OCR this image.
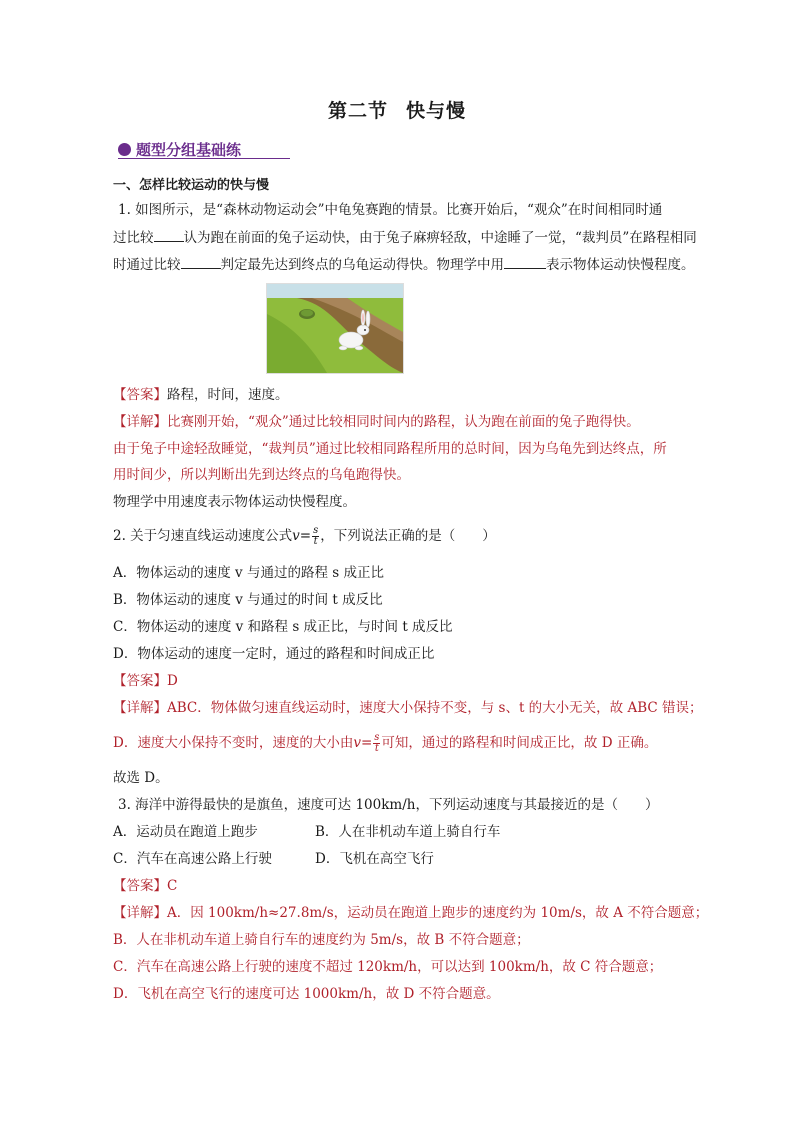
第二节 快与慢
题型分组基础练
一、怎样比较运动的快与慢
1. 如图所示，是“森林动物运动会”中龟兔赛跑的情景。比赛开始后，“观众”在时间相同时通
过比较 认为跑在前面的兔子运动快，由于兔子麻痹轻敌，中途睡了一觉，“裁判员”在路程相同
时通过比较	判定最先达到终点的乌龟运动得快。物理学中用	表示物体运动快慢程度。
【答案】路程，时间，速度。
【详解】比赛刚开始，“观众”通过比较相同时间内的路程，认为跑在前面的兔子跑得快。
由于兔子中途轻敌睡觉，“裁判员”通过比较相同路程所用的总时间，因为乌龟先到达终点，所
用时间少，所以判断出先到达终点的乌龟跑得快。
物理学中用速度表示物体运动快慢程度。
2. 关于匀速直线运动速度公式$v= \frac{s}{t}$ ，下列说法正确的是（　　）
A．物体运动的速度 v 与通过的路程 s 成正比
B．物体运动的速度 v 与通过的时间 t 成反比
C．物体运动的速度 v 和路程 s 成正比，与时间 t 成反比
D．物体运动的速度一定时，通过的路程和时间成正比
【答案】D
【详解】ABC．物体做匀速直线运动时，速度大小保持不变，与 s、t 的大小无关，故 ABC 错误；
D．速度大小保持不变时，速度的大小由$v= \frac{s}{t}$ 可知，通过的路程和时间成正比，故 D 正确。
故选 D。
3. 海洋中游得最快的是旗鱼，速度可达 100km/h，下列运动速度与其最接近的是（　　）
A．运动员在跑道上跑步	B．人在非机动车道上骑自行车
C．汽车在高速公路上行驶	D．飞机在高空飞行
【答案】C
【详解】A．因 100km/h≈27.8m/s，运动员在跑道上跑步的速度约为 10m/s，故 A 不符合题意；
B．人在非机动车道上骑自行车的速度约为 5m/s，故 B 不符合题意；
C．汽车在高速公路上行驶的速度不超过 120km/h，可以达到 100km/h，故 C 符合题意；
D．飞机在高空飞行的速度可达 1000km/h，故 D 不符合题意。
